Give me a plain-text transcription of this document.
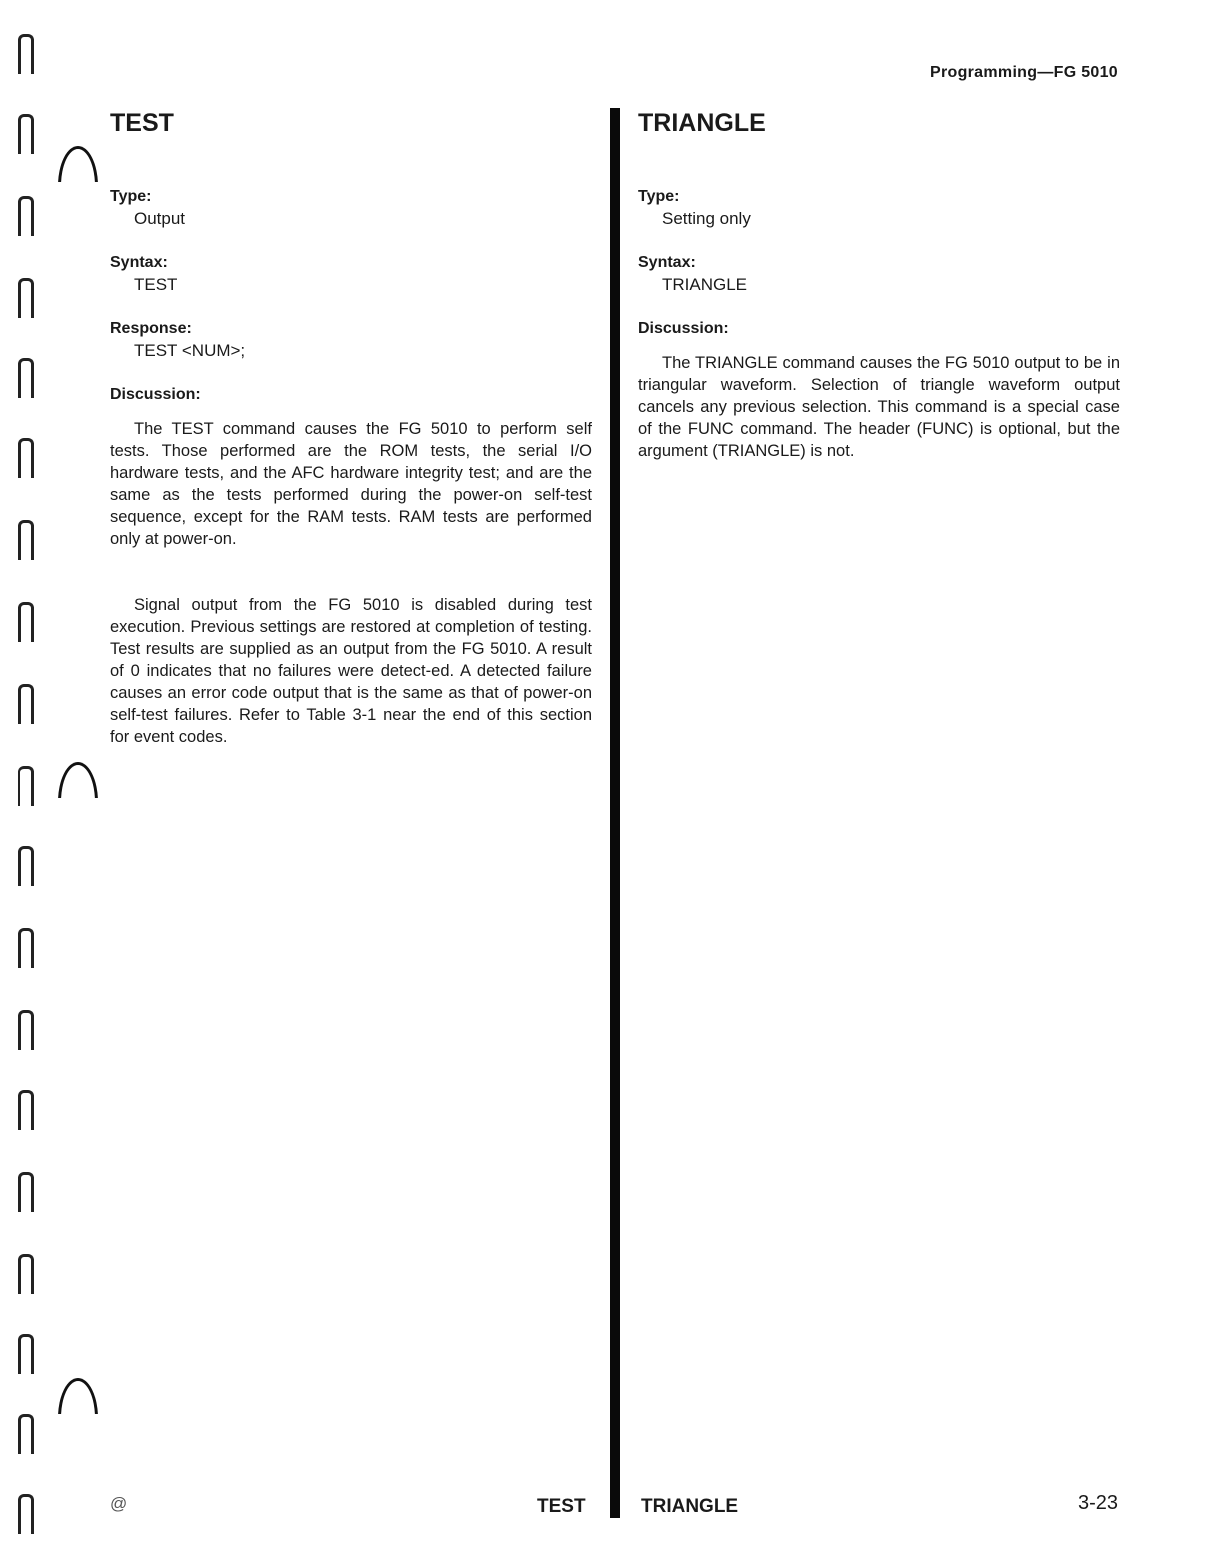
Programming—FG 5010
TEST

Type:

Output

Syntax:

TEST

Response:

TEST <NUM>;

Discussion:

The TEST command causes the FG 5010 to perform self tests. Those performed are the ROM tests, the serial I/O hardware tests, and the AFC hardware integrity test; and are the same as the tests performed during the power-on self-test sequence, except for the RAM tests. RAM tests are performed only at power-on.

Signal output from the FG 5010 is disabled during test execution. Previous settings are restored at completion of testing. Test results are supplied as an output from the FG 5010. A result of 0 indicates that no failures were detect-ed. A detected failure causes an error code output that is the same as that of power-on self-test failures. Refer to Table 3-1 near the end of this section for event codes.

TRIANGLE

Type:

Setting only

Syntax:

TRIANGLE

Discussion:

The TRIANGLE command causes the FG 5010 output to be in triangular waveform. Selection of triangle waveform output cancels any previous selection. This command is a special case of the FUNC command. The header (FUNC) is optional, but the argument (TRIANGLE) is not.

@	TEST	TRIANGLE	3-23
